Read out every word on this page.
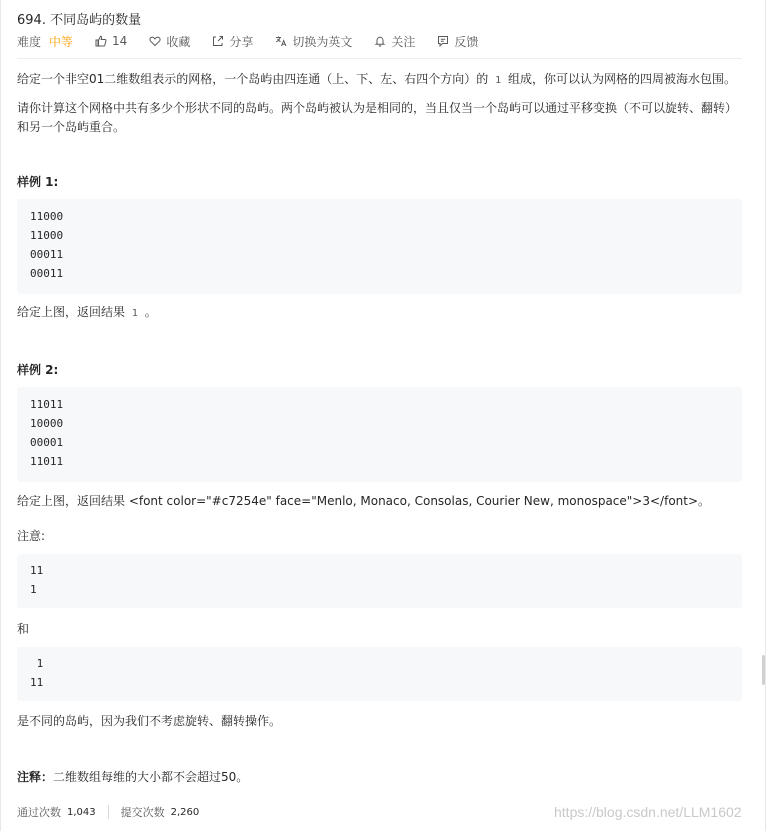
694. 不同岛屿的数量
难度 中等	14	收藏	分享	切换为英文	关注	反馈
给定一个非空01二维数组表示的网格，一个岛屿由四连通（上、下、左、右四个方向）的 1 组成，你可以认为网格的四周被海水包围。
请你计算这个网格中共有多少个形状不同的岛屿。两个岛屿被认为是相同的，当且仅当一个岛屿可以通过平移变换（不可以旋转、翻转）和另一个岛屿重合。
样例 1:
11000
11000
00011
00011
给定上图，返回结果 1 。
样例 2:
11011
10000
00001
11011
给定上图，返回结果 <font color="#c7254e" face="Menlo, Monaco, Consolas, Courier New, monospace">3</font>。
注意:
11
1
和
1
11
是不同的岛屿，因为我们不考虑旋转、翻转操作。
注释：二维数组每维的大小都不会超过50。
通过次数 1,043 提交次数 2,260	https://blog.csdn.net/LLM1602
